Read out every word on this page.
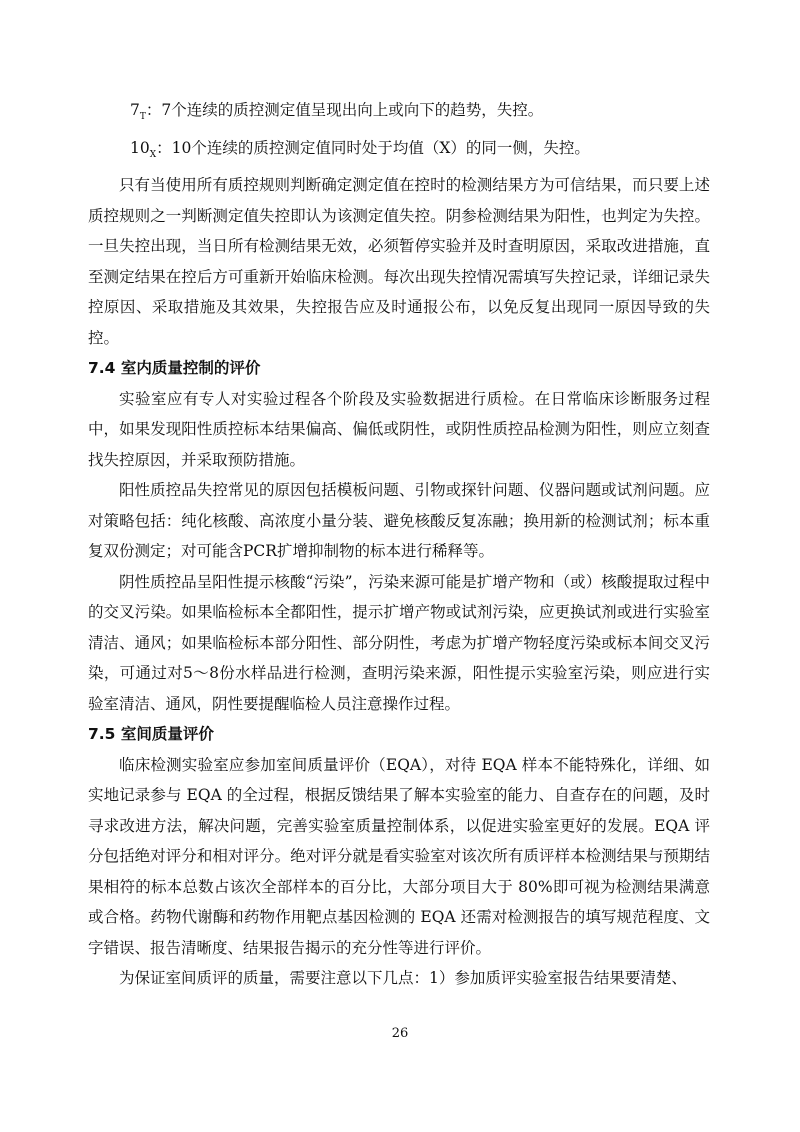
$7_T$：7个连续的质控测定值呈现出向上或向下的趋势，失控。

$10_X$：10个连续的质控测定值同时处于均值（X）的同一侧，失控。

只有当使用所有质控规则判断确定测定值在控时的检测结果方为可信结果，而只要上述质控规则之一判断测定值失控即认为该测定值失控。阴参检测结果为阳性，也判定为失控。一旦失控出现，当日所有检测结果无效，必须暂停实验并及时查明原因，采取改进措施，直至测定结果在控后方可重新开始临床检测。每次出现失控情况需填写失控记录，详细记录失控原因、采取措施及其效果，失控报告应及时通报公布，以免反复出现同一原因导致的失控。

7.4 室内质量控制的评价

实验室应有专人对实验过程各个阶段及实验数据进行质检。在日常临床诊断服务过程中，如果发现阳性质控标本结果偏高、偏低或阴性，或阴性质控品检测为阳性，则应立刻查找失控原因，并采取预防措施。

阳性质控品失控常见的原因包括模板问题、引物或探针问题、仪器问题或试剂问题。应对策略包括：纯化核酸、高浓度小量分装、避免核酸反复冻融；换用新的检测试剂；标本重复双份测定；对可能含PCR扩增抑制物的标本进行稀释等。

阴性质控品呈阳性提示核酸“污染”，污染来源可能是扩增产物和（或）核酸提取过程中的交叉污染。如果临检标本全都阳性，提示扩增产物或试剂污染，应更换试剂或进行实验室清洁、通风；如果临检标本部分阳性、部分阴性，考虑为扩增产物轻度污染或标本间交叉污染，可通过对5～8份水样品进行检测，查明污染来源，阳性提示实验室污染，则应进行实验室清洁、通风，阴性要提醒临检人员注意操作过程。

7.5 室间质量评价

临床检测实验室应参加室间质量评价（EQA），对待 EQA 样本不能特殊化，详细、如实地记录参与 EQA 的全过程，根据反馈结果了解本实验室的能力、自查存在的问题，及时寻求改进方法，解决问题，完善实验室质量控制体系，以促进实验室更好的发展。EQA 评分包括绝对评分和相对评分。绝对评分就是看实验室对该次所有质评样本检测结果与预期结果相符的标本总数占该次全部样本的百分比，大部分项目大于 80%即可视为检测结果满意或合格。药物代谢酶和药物作用靶点基因检测的 EQA 还需对检测报告的填写规范程度、文字错误、报告清晰度、结果报告揭示的充分性等进行评价。

为保证室间质评的质量，需要注意以下几点：1）参加质评实验室报告结果要清楚、

26
